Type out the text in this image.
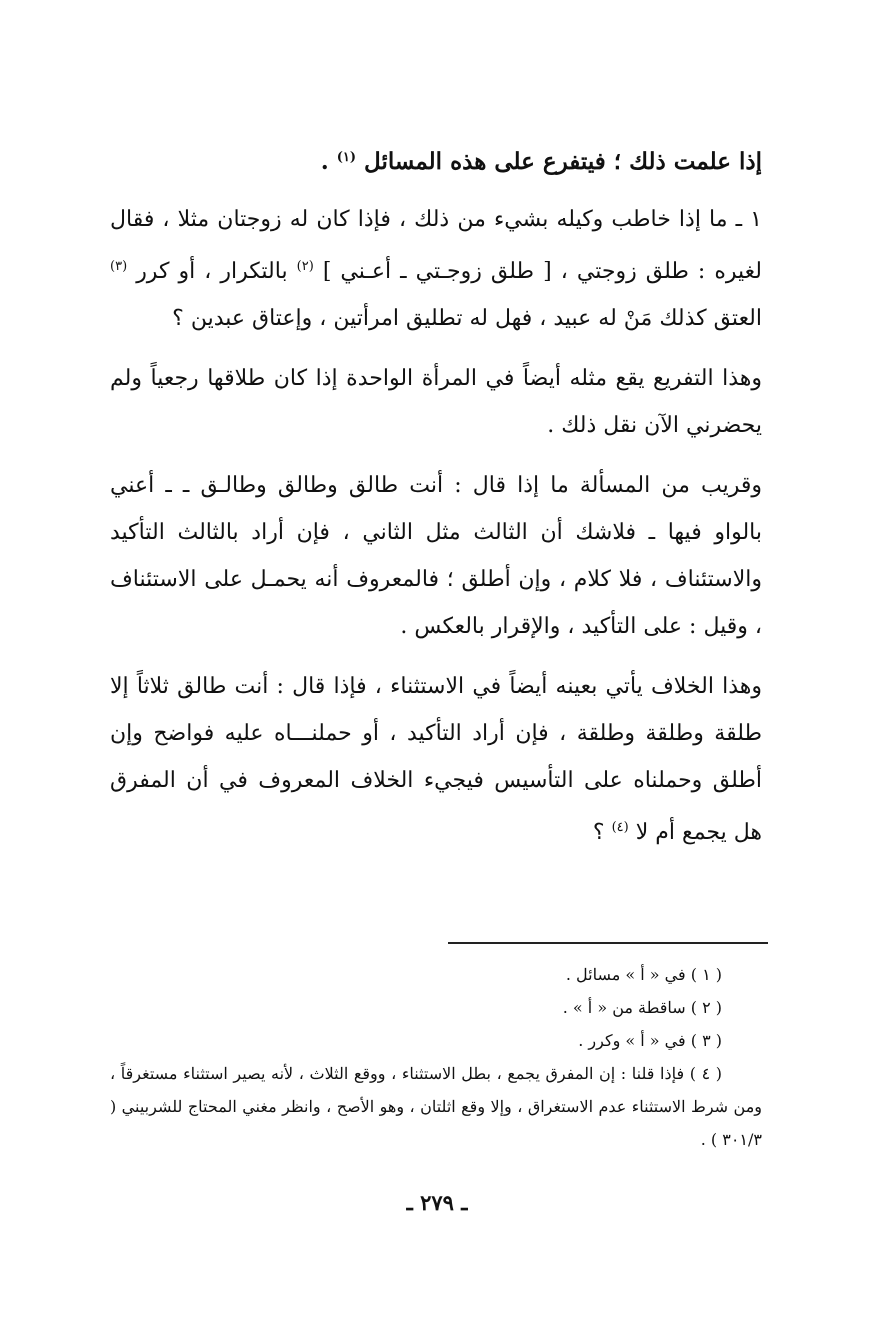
إذا علمت ذلك ؛ فيتفرع على هذه المسائل $^{(١)}$ .

١ ـ ما إذا خاطب وكيله بشيء من ذلك ، فإذا كان له زوجتان مثلا ، فقال لغيره : طلق زوجتي ، [ طلق زوجـتي ـ أعـني ] $^{(٢)}$ بالتكرار ، أو كرر $^{(٣)}$ العتق كذلك مَنْ له عبيد ، فهل له تطليق امرأتين ، وإعتاق عبدين ؟

وهذا التفريع يقع مثله أيضاً في المرأة الواحدة إذا كان طلاقها رجعياً ولم يحضرني الآن نقل ذلك .

وقريب من المسألة ما إذا قال : أنت طالق وطالق وطالـق ـ ـ أعني بالواو فيها ـ فلاشك أن الثالث مثل الثاني ، فإن أراد بالثالث التأكيد والاستئناف ، فلا كلام ، وإن أطلق ؛ فالمعروف أنه يحمـل على الاستئناف ، وقيل : على التأكيد ، والإقرار بالعكس .

وهذا الخلاف يأتي بعينه أيضاً في الاستثناء ، فإذا قال : أنت طالق ثلاثاً إلا طلقة وطلقة وطلقة ، فإن أراد التأكيد ، أو حملنـــاه عليه فواضح وإن أطلق وحملناه على التأسيس فيجيء الخلاف المعروف في أن المفرق هل يجمع أم لا $^{(٤)}$ ؟

( ١ ) في « أ » مسائل .

( ٢ ) ساقطة من « أ » .

( ٣ ) في « أ » وكرر .

( ٤ ) فإذا قلنا : إن المفرق يجمع ، بطل الاستثناء ، ووقع الثلاث ، لأنه يصير استثناء مستغرقاً ، ومن شرط الاستثناء عدم الاستغراق ، وإلا وقع اثلتان ، وهو الأصح ، وانظر مغني المحتاج للشربيني ( ٣٠١/٣ ) .

ـ ٢٧٩ ـ
